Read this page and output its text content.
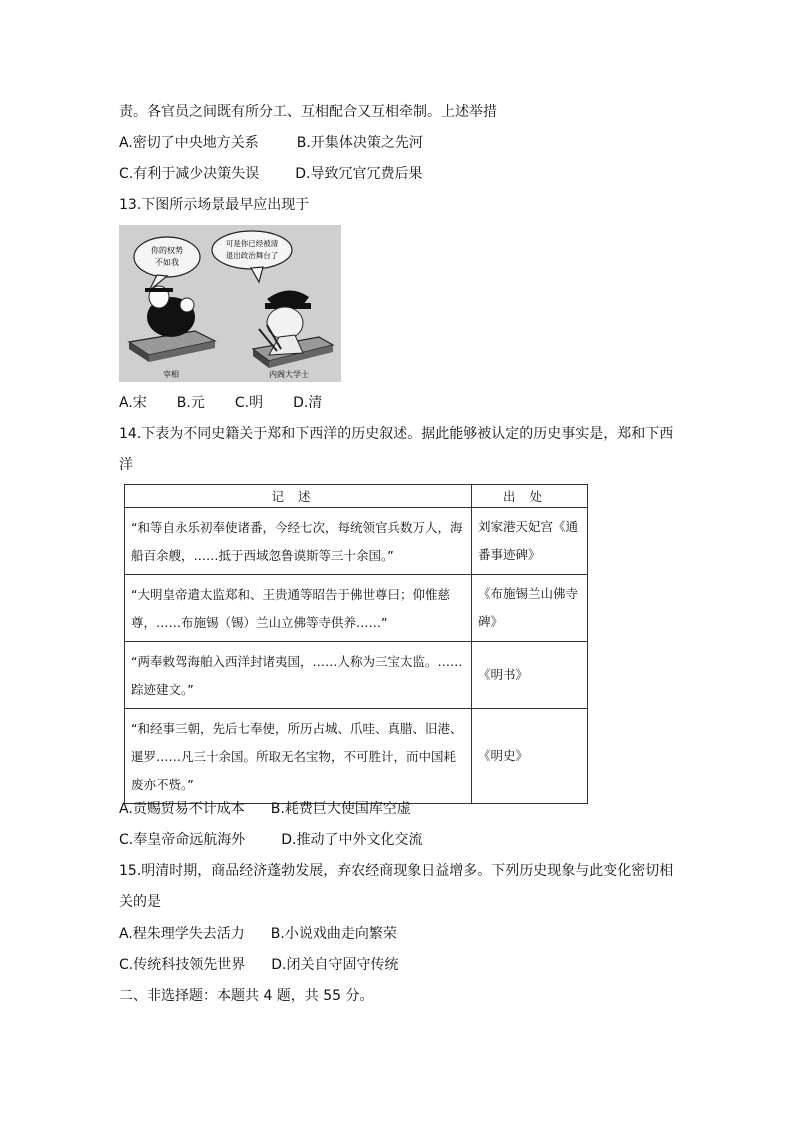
责。各官员之间既有所分工、互相配合又互相牵制。上述举措
A.密切了中央地方关系	B.开集体决策之先河
C.有利于减少决策失误	D.导致冗官冗费后果
13.下图所示场景最早应出现于
你的权势
不如我
可是你已经被清
退出政治舞台了
宰相	内阁大学士
A.宋 B.元 C.明 D.清
14.下表为不同史籍关于郑和下西洋的历史叙述。据此能够被认定的历史事实是，郑和下西
洋
记述	出处
“和等自永乐初奉使诸番，今经七次，每统领官兵数万人，海船百余艘，……抵于西域忽鲁谟斯等三十余国。”	刘家港天妃宫《通番事迹碑》
“大明皇帝遣太监郑和、王贵通等昭告于佛世尊曰；仰惟慈尊，……布施锡（锡）兰山立佛等寺供养……”	《布施锡兰山佛寺碑》
“两奉敕驾海舶入西洋封诸夷国，……人称为三宝太监。……踪迹建文。”	《明书》
“和经事三朝，先后七奉使，所历占城、爪哇、真腊、旧港、暹罗……凡三十余国。所取无名宝物，不可胜计，而中国耗废亦不赀。”	《明史》
A.贡赐贸易不计成本 B.耗费巨大使国库空虚
C.奉皇帝命远航海外	D.推动了中外文化交流
15.明清时期，商品经济蓬勃发展，弃农经商现象日益增多。下列历史现象与此变化密切相
关的是
A.程朱理学失去活力 B.小说戏曲走向繁荣
C.传统科技领先世界 D.闭关自守固守传统
二、非选择题：本题共 4 题，共 55 分。
